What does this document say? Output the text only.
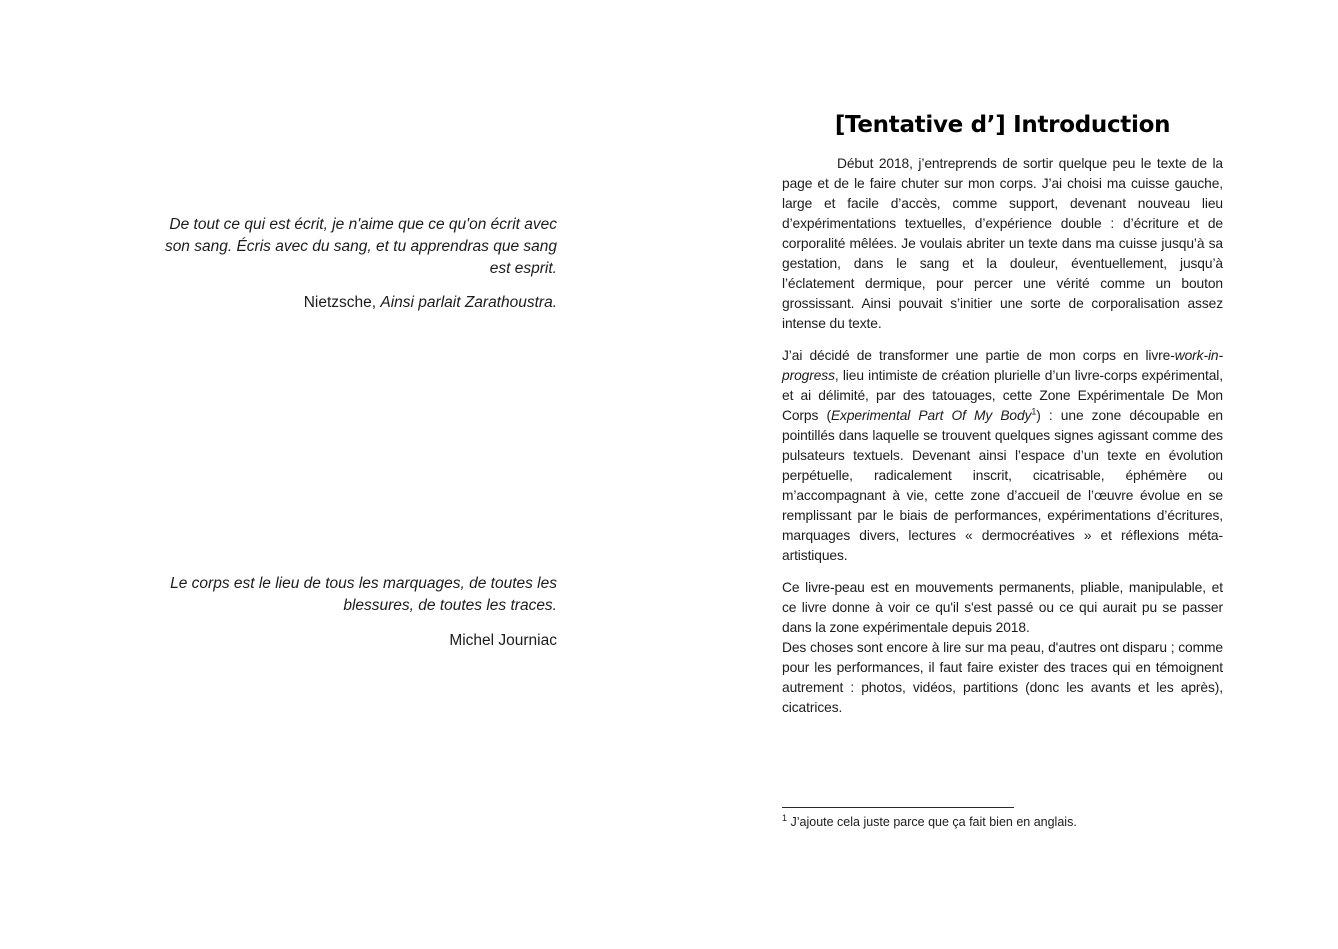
De tout ce qui est écrit, je n'aime que ce qu'on écrit avec
son sang. Écris avec du sang, et tu apprendras que sang
est esprit.
Nietzsche, Ainsi parlait Zarathoustra.
Le corps est le lieu de tous les marquages, de toutes les
blessures, de toutes les traces.
Michel Journiac
[Tentative d’] Introduction

Début 2018, j’entreprends de sortir quelque peu le texte de la page et de le faire chuter sur mon corps. J’ai choisi ma cuisse gauche, large et facile d’accès, comme support, devenant nouveau lieu d’expérimentations textuelles, d’expérience double : d’écriture et de corporalité mêlées. Je voulais abriter un texte dans ma cuisse jusqu’à sa gestation, dans le sang et la douleur, éventuellement, jusqu’à l’éclatement dermique, pour percer une vérité comme un bouton grossissant. Ainsi pouvait s’initier une sorte de corporalisation assez intense du texte.

J’ai décidé de transformer une partie de mon corps en livre-work-in-progress, lieu intimiste de création plurielle d’un livre-corps expérimental, et ai délimité, par des tatouages, cette Zone Expérimentale De Mon Corps (Experimental Part Of My Body$^1$) : une zone découpable en pointillés dans laquelle se trouvent quelques signes agissant comme des pulsateurs textuels. Devenant ainsi l’espace d’un texte en évolution perpétuelle, radicalement inscrit, cicatrisable, éphémère ou m’accompagnant à vie, cette zone d’accueil de l’œuvre évolue en se remplissant par le biais de performances, expérimentations d’écritures, marquages divers, lectures « dermocréatives » et réflexions méta-artistiques.

Ce livre-peau est en mouvements permanents, pliable, manipulable, et ce livre donne à voir ce qu'il s'est passé ou ce qui aurait pu se passer dans la zone expérimentale depuis 2018.

Des choses sont encore à lire sur ma peau, d'autres ont disparu ; comme pour les performances, il faut faire exister des traces qui en témoignent autrement : photos, vidéos, partitions (donc les avants et les après), cicatrices.

$^1$ J’ajoute cela juste parce que ça fait bien en anglais.
